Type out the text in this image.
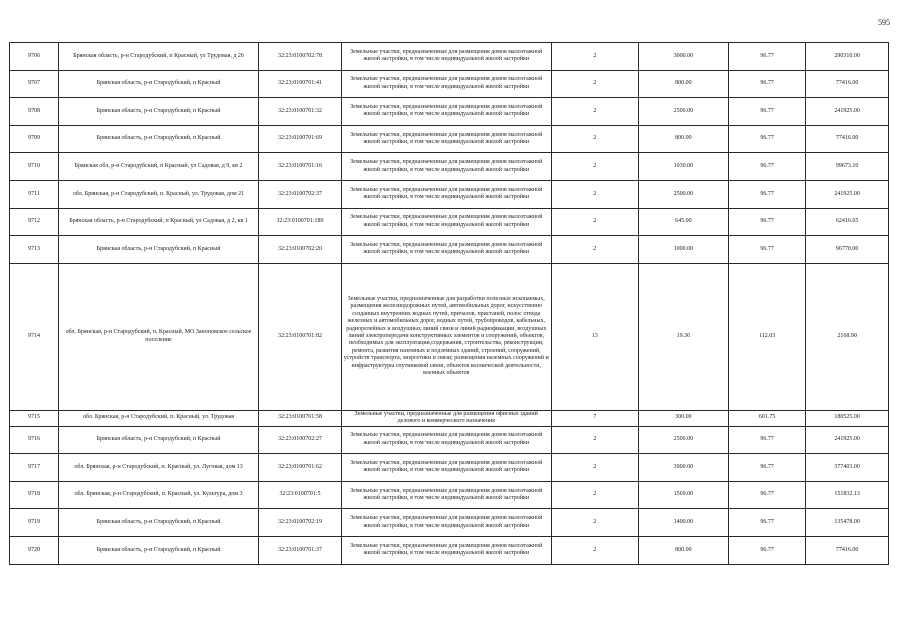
595
9706	Брянская область, р-н Стародубский, п Красный, ул Трудовая, д 26	32:23:0100702:78	Земельные участки, предназначенные для размещения домов малоэтажной жилой застройки, в том числе индивидуальной жилой застройки	2	3000.00	96.77	290310.00
9707	Брянская область, р-н Стародубский, п Красный	32:23:0100701:41	Земельные участки, предназначенные для размещения домов малоэтажной жилой застройки, в том числе индивидуальной жилой застройки	2	800.00	96.77	77416.00
9708	Брянская область, р-н Стародубский, п Красный	32:23:0100701:32	Земельные участки, предназначенные для размещения домов малоэтажной жилой застройки, в том числе индивидуальной жилой застройки	2	2500.00	96.77	241925.00
9709	Брянская область, р-н Стародубский, п Красный	32:23:0100701:69	Земельные участки, предназначенные для размещения домов малоэтажной жилой застройки, в том числе индивидуальной жилой застройки	2	800.00	96.77	77416.00
9710	Брянская обл, р-н Стародубский, п Красный, ул Садовая, д 9, кв 2	32:23:0100701:16	Земельные участки, предназначенные для размещения домов малоэтажной жилой застройки, в том числе индивидуальной жилой застройки	2	1030.00	96.77	99673.10
9711	обл. Брянская, р-н Стародубский, п. Красный, ул. Трудовая, дом 21	32:23:0100702:37	Земельные участки, предназначенные для размещения домов малоэтажной жилой застройки, в том числе индивидуальной жилой застройки	2	2500.00	96.77	241925.00
9712	Брянская область, р-н Стародубский, п Красный, ул Садовая, д 2, кв 1	32:23:0100701:189	Земельные участки, предназначенные для размещения домов малоэтажной жилой застройки, в том числе индивидуальной жилой застройки	2	645.00	96.77	62416.65
9713	Брянская область, р-н Стародубский, п Красный	32:23:0100702:20	Земельные участки, предназначенные для размещения домов малоэтажной жилой застройки, в том числе индивидуальной жилой застройки	2	1000.00	96.77	96770.00
9714	обл. Брянская, р-н Стародубский, п. Красный, МО Заноновское сельское поселение	32:23:0100701:82	Земельные участки, предназначенные для разработки полезных ископаемых, размещения железнодорожных путей, автомобильных дорог, искусственно созданных внутренних водных путей, причалов, пристаней, полос отвода железных и автомобильных дорог, водных путей, трубопроводов, кабельных, радиорелейных и воздушных линий связи и линий радиофикации, воздушных линий электропередачи конструктивных элементов и сооружений, объектов, необходимых для эксплуатации,содержания, строительства, реконструкции, ремонта, развития наземных и подземных зданий, строений, сооружений, устройств транспорта, энергетики и связи; размещения наземных сооружений и инфраструктуры спутниковой связи, объектов космической деятельности, военных объектов	13	19.36	112.03	2168.90
9715	обл. Брянская, р-н Стародубский, п. Красный, ул. Трудовая	32:23:0100701:58	Земельные участки, предназначенные для размещения офисных зданий делового и коммерческого назначения	7	300.00	601.75	180525.00
9716	Брянская область, р-н Стародубский, п Красный	32:23:0100702:27	Земельные участки, предназначенные для размещения домов малоэтажной жилой застройки, в том числе индивидуальной жилой застройки	2	2500.00	96.77	241925.00
9717	обл. Брянская, р-н Стародубский, п. Красный, ул. Луговая, дом 13	32:23:0100701:62	Земельные участки, предназначенные для размещения домов малоэтажной жилой застройки, в том числе индивидуальной жилой застройки	2	3900.00	96.77	377403.00
9718	обл. Брянская, р-н Стародубский, п. Красный, ул. Культура, дом 3	32:23:0100701:5	Земельные участки, предназначенные для размещения домов малоэтажной жилой застройки, в том числе индивидуальной жилой застройки	2	1569.00	96.77	151832.13
9719	Брянская область, р-н Стародубский, п Красный	32:23:0100702:19	Земельные участки, предназначенные для размещения домов малоэтажной жилой застройки, в том числе индивидуальной жилой застройки	2	1400.00	96.77	135478.00
9720	Брянская область, р-н Стародубский, п Красный	32:23:0100701:37	Земельные участки, предназначенные для размещения домов малоэтажной жилой застройки, в том числе индивидуальной жилой застройки	2	800.00	96.77	77416.00
